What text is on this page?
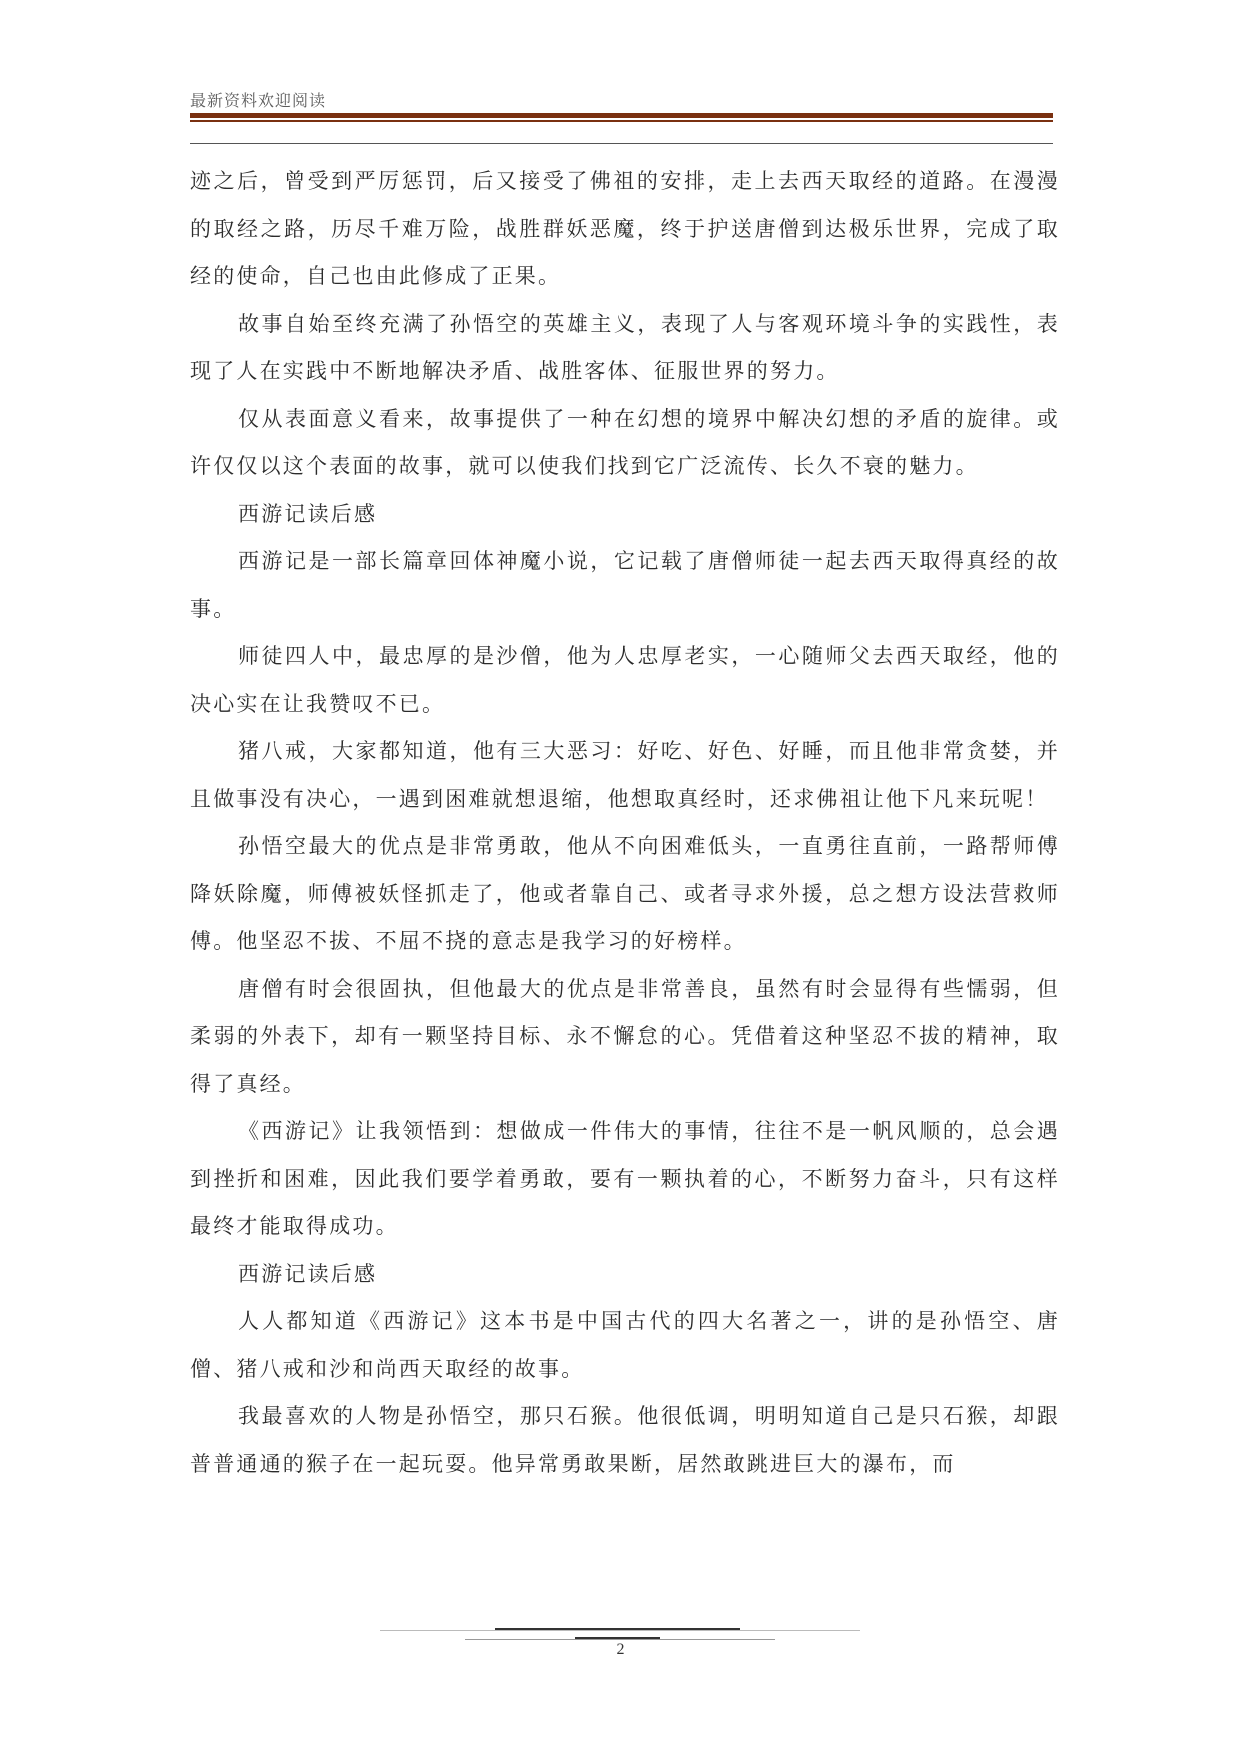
最新资料欢迎阅读

迹之后，曾受到严厉惩罚，后又接受了佛祖的安排，走上去西天取经的道路。在漫漫的取经之路，历尽千难万险，战胜群妖恶魔，终于护送唐僧到达极乐世界，完成了取经的使命，自己也由此修成了正果。

故事自始至终充满了孙悟空的英雄主义，表现了人与客观环境斗争的实践性，表现了人在实践中不断地解决矛盾、战胜客体、征服世界的努力。

仅从表面意义看来，故事提供了一种在幻想的境界中解决幻想的矛盾的旋律。或许仅仅以这个表面的故事，就可以使我们找到它广泛流传、长久不衰的魅力。

西游记读后感

西游记是一部长篇章回体神魔小说，它记载了唐僧师徒一起去西天取得真经的故事。

师徒四人中，最忠厚的是沙僧，他为人忠厚老实，一心随师父去西天取经，他的决心实在让我赞叹不已。

猪八戒，大家都知道，他有三大恶习：好吃、好色、好睡，而且他非常贪婪，并且做事没有决心，一遇到困难就想退缩，他想取真经时，还求佛祖让他下凡来玩呢！

孙悟空最大的优点是非常勇敢，他从不向困难低头，一直勇往直前，一路帮师傅降妖除魔，师傅被妖怪抓走了，他或者靠自己、或者寻求外援，总之想方设法营救师傅。他坚忍不拔、不屈不挠的意志是我学习的好榜样。

唐僧有时会很固执，但他最大的优点是非常善良，虽然有时会显得有些懦弱，但柔弱的外表下，却有一颗坚持目标、永不懈怠的心。凭借着这种坚忍不拔的精神，取得了真经。

《西游记》让我领悟到：想做成一件伟大的事情，往往不是一帆风顺的，总会遇到挫折和困难，因此我们要学着勇敢，要有一颗执着的心，不断努力奋斗，只有这样最终才能取得成功。

西游记读后感

人人都知道《西游记》这本书是中国古代的四大名著之一，讲的是孙悟空、唐僧、猪八戒和沙和尚西天取经的故事。

我最喜欢的人物是孙悟空，那只石猴。他很低调，明明知道自己是只石猴，却跟普普通通的猴子在一起玩耍。他异常勇敢果断，居然敢跳进巨大的瀑布，而

2
